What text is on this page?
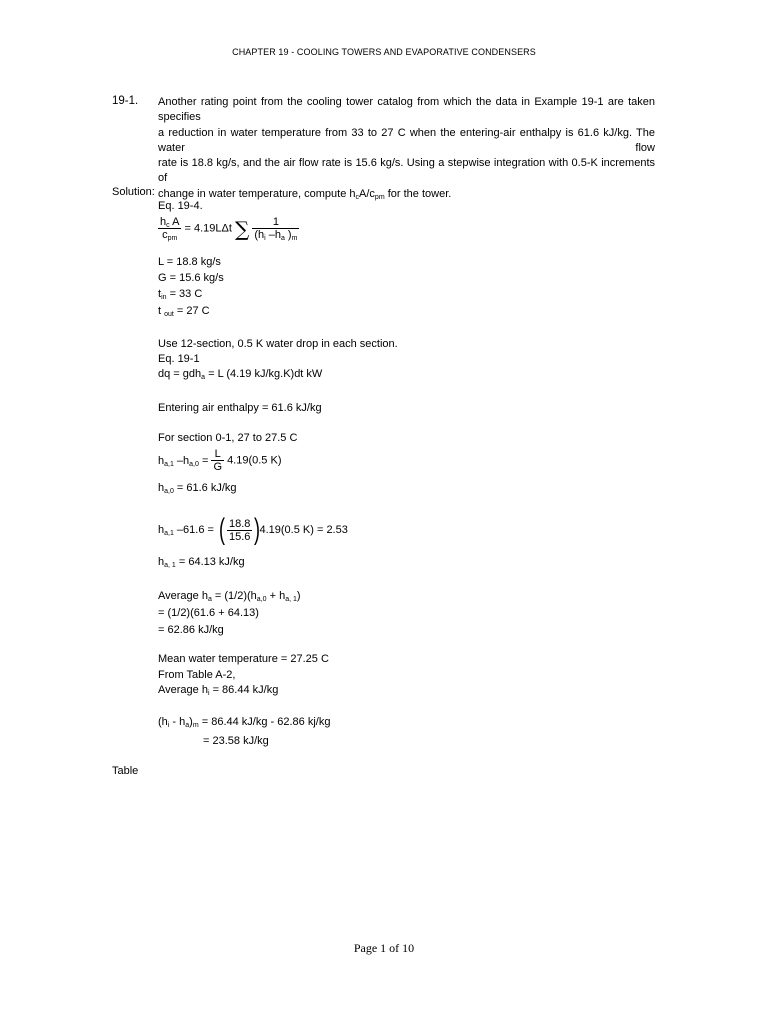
CHAPTER 19 - COOLING TOWERS AND EVAPORATIVE CONDENSERS
19-1. Another rating point from the cooling tower catalog from which the data in Example 19-1 are taken specifies
a reduction in water temperature from 33 to 27 C when the entering-air enthalpy is 61.6 kJ/kg. The water flow
rate is 18.8 kg/s, and the air flow rate is 15.6 kg/s. Using a stepwise integration with 0.5-K increments of
change in water temperature, compute $h_cA/c_{pm}$ for the tower.
Solution:
Eq. 19-4.
$\frac{h_c A}{c_{pm}} = 4.19L\Delta t$ ∑ $\frac{1}{(h_i -h_a )_m}$
L = 18.8 kg/s
G = 15.6 kg/s
$t_{in} = 33$ C
t $_{out}$ = 27 C
Use 12-section, 0.5 K water drop in each section.
Eq. 19-1
dq = gdh$_a$ = L (4.19 kJ/kg.K)dt kW
Entering air enthalpy = 61.6 kJ/kg
For section 0-1, 27 to 27.5 C
$h_{a,1}$ $-h_{a,0} = \frac{L}{G} 4.19(0.5$ K)
$h_{a,0} = 61.6$ kJ/kg
$h_{a,1}$ –61.6 = ( $\frac{18.8}{15.6}$ ) 4.19(0.5 K) = 2.53
$h_{a, 1} = 64.13$ kJ/kg
Average $h_a = (1/2)(h_{a,0} + h_{a, 1})$
= (1/2)(61.6 + 64.13)
= 62.86 kJ/kg
Mean water temperature = 27.25 C
From Table A-2,
Average $h_i = 86.44$ kJ/kg
$(h_i - h_a)_m = 86.44$ kJ/kg - 62.86 kj/kg
= 23.58 kJ/kg
Table
Page 1 of 10
